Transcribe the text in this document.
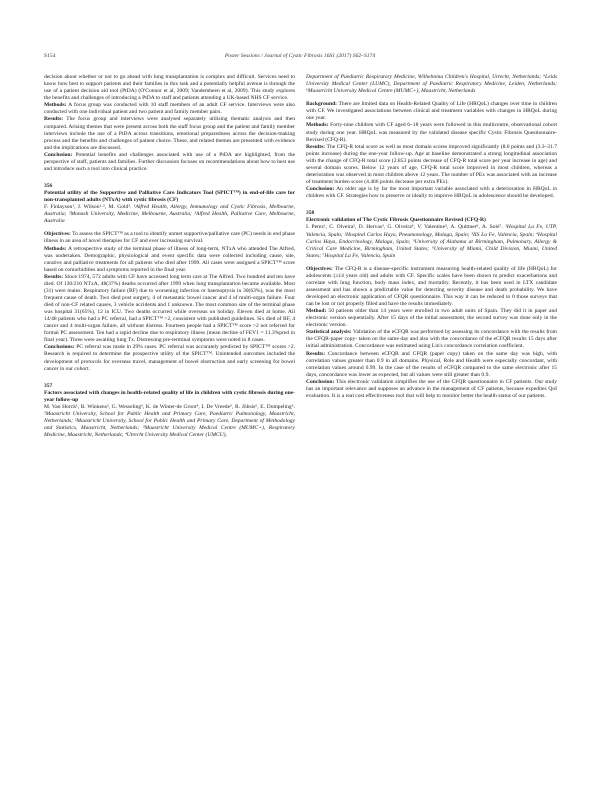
S154	Poster Sessions / Journal of Cystic Fibrosis 16S1 (2017) S62–S174

decision about whether or not to go ahead with lung transplantation is complex and difficult. Services need to know how best to support patients and their families in this task and a potentially helpful avenue is through the use of a patient decision aid tool (PtDA) (O'Connor et al, 2009; Vandemheen et al, 2009). This study explores the benefits and challenges of introducing a PtDA to staff and patients attending a UK-based NHS CF service.

Methods: A focus group was conducted with 10 staff members of an adult CF service. Interviews were also conducted with one individual patient and two patient and family member pairs.

Results: The focus group and interviews were analysed separately utilising thematic analysis and then compared. Arising themes that were present across both the staff focus group and the patient and family member interviews include the use of a PtDA across transitions, emotional preparedness across the decision-making process and the benefits and challenges of patient choice. These, and related themes are presented with evidence and the implications are discussed.

Conclusion: Potential benefits and challenges associated with use of a PtDA are highlighted, from the perspective of staff, patients and families. Further discussion focuses on recommendations about how to best use and introduce such a tool into clinical practice.

356

Potential utility of the Supportive and Palliative Care Indicators Tool (SPICT™) in end-of-life care for non-transplanted adults (NTxA) with cystic fibrosis (CF)

F. Finlayson¹, J. Wilson¹·², M. Gold³. ¹Alfred Health, Allergy, Immunology and Cystic Fibrosis, Melbourne, Australia; ²Monash University, Medicine, Melbourne, Australia; ³Alfred Health, Palliative Care, Melbourne, Australia

Objectives: To assess the SPICT™ as a tool to identify unmet supportive/palliative care (PC) needs in end phase illness in an area of novel therapies for CF and ever increasing survival.

Methods: A retrospective study of the terminal phase of illness of long-term, NTxA who attended The Alfred, was undertaken. Demographic, physiological and event specific data were collected including cause, site, curative and palliative treatments for all patients who died after 1999. All cases were assigned a SPICT™ score based on comorbidities and symptoms reported in the final year.

Results: Since 1974, 572 adults with CF have accessed long term care at The Alfred. Two hundred and ten have died. Of 130/210 NTxA, 48(37%) deaths occurred after 1999 when lung transplantation became available. Most (31) were males. Respiratory failure (RF) due to worsening infection or haemoptysis in 30(63%), was the most frequent cause of death. Two died post surgery, 4 of metastatic bowel cancer and 4 of multi-organ failure. Four died of non-CF related causes, 3 vehicle accidents and 1 unknown. The most common site of the terminal phase was hospital 31(65%), 12 in ICU. Two deaths occurred while overseas on holiday. Eleven died at home. All 14/48 patients who had a PC referral, had a SPICT™ >2, consistent with published guidelines. Six died of RF, 4 cancer and 4 multi-organ failure, all without distress. Fourteen people had a SPICT™ score >2 not referred for formal PC assessment. Ten had a rapid decline due to respiratory illness (mean decline of FEV1 = 11.3%pred in final year). Three were awaiting lung Tx. Distressing pre-terminal symptoms were noted in 8 cases.

Conclusions: PC referral was made in 29% cases. PC referral was accurately predicted by SPICT™ scores >2. Research is required to determine the prospective utility of the SPICT™. Unintended outcomes included the development of protocols for overseas travel, management of bowel obstruction and early screening for bowel cancer in our cohort.

357

Factors associated with changes in health-related quality of life in children with cystic fibrosis during one-year follow-up

M. Van Horck¹, B. Winkens², G. Wesseling³, K. de Winter-de Groot⁴, I. De Vreede⁵, R. Jöbsis⁶, E. Dompeling⁶. ¹Maastricht University, School for Public Health and Primary Care, Paediatric Pulmonology, Maastricht, Netherlands; ²Maastricht University, School for Public Health and Primary Care, Department of Methodology and Statistics, Maastricht, Netherlands; ³Maastricht University Medical Centre (MUMC+), Respiratory Medicine, Maastricht, Netherlands; ⁴Utrecht University Medical Center (UMCU),

Department of Paediatric Respiratory Medicine, Wilhelmina Children's Hospital, Utrecht, Netherlands; ⁵Leids University Medical Center (LUMC), Department of Paediatric Respiratory Medicine, Leiden, Netherlands; ⁶Maastricht University Medical Centre (MUMC+), Maastricht, Netherlands

Background: There are limited data on Health-Related Quality of Life (HRQoL) changes over time in children with CF. We investigated associations between clinical and treatment variables with changes in HRQoL during one year.

Methods: Forty-nine children with CF aged 6–18 years were followed in this multicentre, observational cohort study during one year. HRQoL was measured by the validated disease specific Cystic Fibrosis Questionnaire-Revised (CFQ-R).

Results: The CFQ-R total score as well as most domain scores improved significantly (8.0 points and (3.3–31.7 points increase) during the one-year follow-up. Age at baseline demonstrated a strong longitudinal association with the change of CFQ-R total score (2.853 points decrease of CFQ-R total score per year increase in age) and several domain scores. Below 12 years of age, CFQ-R total score improved in most children, whereas a deterioration was observed in most children above 12 years. The number of PEx was associated with an increase of treatment burden score (4.466 points decrease per extra PEx).

Conclusion: An older age is by far the most important variable associated with a deterioration in HRQoL in children with CF. Strategies how to preserve or ideally to improve HRQoL in adolescence should be developed.

358

Electronic validation of The Cystic Fibrosis Questionnaire Revised (CFQ-R)

I. Perez¹, C. Olveira², D. Hervas³, G. Olveira⁴, V. Valentine⁵, A. Quittner⁶, A. Solé⁷. ¹Hospital La Fe, UTP, Valencia, Spain; ²Hospital Carlos Haya, Pneumonology, Malaga, Spain; ³IIS La Fe, Valencia, Spain; ⁴Hospital Carlos Haya, Endocrinology, Malaga, Spain; ⁵University of Alabama at Birmingham, Pulmonary, Allergy & Critical Care Medicine, Birmingham, United States; ⁶University of Miami, Child Division, Miami, United States; ⁷Hospital La Fe, Valencia, Spain

Objectives: The CFQ-R is a disease-specific instrument measuring health-related quality of life (HRQoL) for adolescents (≥14 years old) and adults with CF. Specific scales have been shown to predict exacerbations and correlate with lung function, body mass index, and mortality. Recently, it has been used in LTX candidate assessment and has shown a predictable value for detecting severity disease and death probability. We have developed an electronic application of CFQR questionnaire. This way it can be reduced to 0 those surveys that can be lost or not properly filled and have the results immediately.

Method: 50 patients older than 14 years were enrolled in two adult units of Spain. They did it in paper and electronic version sequentially. After 15 days of the initial assessment, the second survey was done only in the electronic version.

Statistical analysis: Validation of the eCFQR was performed by assessing its concordance with the results from the CFQR-paper copy- taken on the same day and also with the concordance of the eCFQR results 15 days after initial administration. Concordance was estimated using Lin's concordance correlation coefficient.

Results: Concordance between eCFQR and CFQR (paper copy) taken on the same day was high, with correlation values greater than 0.9 in all domains. Physical, Role and Health were especially concordant, with correlation values around 0.99. In the case of the results of eCFQR compared to the same electronic after 15 days, concordance was lower as expected, but all values were still greater than 0.9.

Conclusion: This electronic validation simplifies the use of the CFQR questionnaire in CF patients. Our study has an important relevance and supposes an advance in the management of CF patients, because expedites QoI evaluation. It is a real cost effectiveness tool that will help to monitor better the health status of our patients.
